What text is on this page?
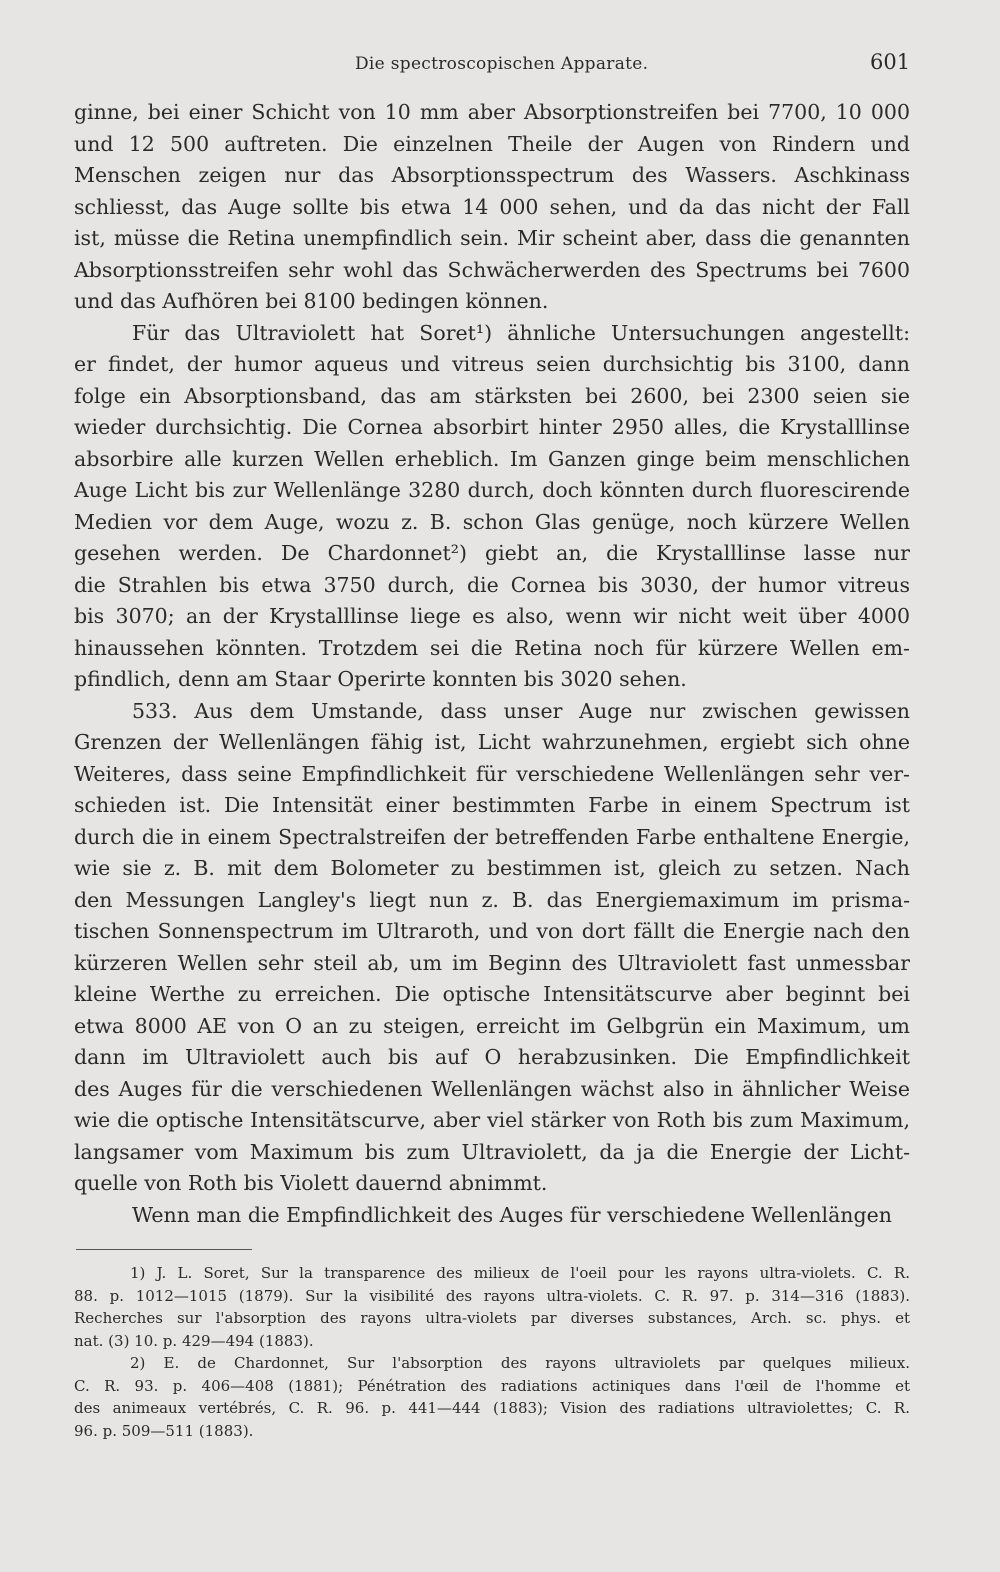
Die spectroscopischen Apparate.	601
ginne, bei einer Schicht von 10 mm aber Absorptionstreifen bei 7700, 10 000
und 12 500 auftreten. Die einzelnen Theile der Augen von Rindern und
Menschen zeigen nur das Absorptionsspectrum des Wassers. Aschkinass
schliesst, das Auge sollte bis etwa 14 000 sehen, und da das nicht der Fall
ist, müsse die Retina unempfindlich sein. Mir scheint aber, dass die genannten
Absorptionsstreifen sehr wohl das Schwächerwerden des Spectrums bei 7600
und das Aufhören bei 8100 bedingen können.
Für das Ultraviolett hat Soret¹) ähnliche Untersuchungen angestellt:
er findet, der humor aqueus und vitreus seien durchsichtig bis 3100, dann
folge ein Absorptionsband, das am stärksten bei 2600, bei 2300 seien sie
wieder durchsichtig. Die Cornea absorbirt hinter 2950 alles, die Krystalllinse
absorbire alle kurzen Wellen erheblich. Im Ganzen ginge beim menschlichen
Auge Licht bis zur Wellenlänge 3280 durch, doch könnten durch fluorescirende
Medien vor dem Auge, wozu z. B. schon Glas genüge, noch kürzere Wellen
gesehen werden. De Chardonnet²) giebt an, die Krystalllinse lasse nur
die Strahlen bis etwa 3750 durch, die Cornea bis 3030, der humor vitreus
bis 3070; an der Krystalllinse liege es also, wenn wir nicht weit über 4000
hinaussehen könnten. Trotzdem sei die Retina noch für kürzere Wellen em-
pfindlich, denn am Staar Operirte konnten bis 3020 sehen.
533. Aus dem Umstande, dass unser Auge nur zwischen gewissen
Grenzen der Wellenlängen fähig ist, Licht wahrzunehmen, ergiebt sich ohne
Weiteres, dass seine Empfindlichkeit für verschiedene Wellenlängen sehr ver-
schieden ist. Die Intensität einer bestimmten Farbe in einem Spectrum ist
durch die in einem Spectralstreifen der betreffenden Farbe enthaltene Energie,
wie sie z. B. mit dem Bolometer zu bestimmen ist, gleich zu setzen. Nach
den Messungen Langley's liegt nun z. B. das Energiemaximum im prisma-
tischen Sonnenspectrum im Ultraroth, und von dort fällt die Energie nach den
kürzeren Wellen sehr steil ab, um im Beginn des Ultraviolett fast unmessbar
kleine Werthe zu erreichen. Die optische Intensitätscurve aber beginnt bei
etwa 8000 AE von O an zu steigen, erreicht im Gelbgrün ein Maximum, um
dann im Ultraviolett auch bis auf O herabzusinken. Die Empfindlichkeit
des Auges für die verschiedenen Wellenlängen wächst also in ähnlicher Weise
wie die optische Intensitätscurve, aber viel stärker von Roth bis zum Maximum,
langsamer vom Maximum bis zum Ultraviolett, da ja die Energie der Licht-
quelle von Roth bis Violett dauernd abnimmt.
Wenn man die Empfindlichkeit des Auges für verschiedene Wellenlängen
1) J. L. Soret, Sur la transparence des milieux de l'oeil pour les rayons ultra-violets. C. R.
88. p. 1012—1015 (1879). Sur la visibilité des rayons ultra-violets. C. R. 97. p. 314—316 (1883).
Recherches sur l'absorption des rayons ultra-violets par diverses substances, Arch. sc. phys. et
nat. (3) 10. p. 429—494 (1883).
2) E. de Chardonnet, Sur l'absorption des rayons ultraviolets par quelques milieux.
C. R. 93. p. 406—408 (1881); Pénétration des radiations actiniques dans l'œil de l'homme et
des animeaux vertébrés, C. R. 96. p. 441—444 (1883); Vision des radiations ultraviolettes; C. R.
96. p. 509—511 (1883).
